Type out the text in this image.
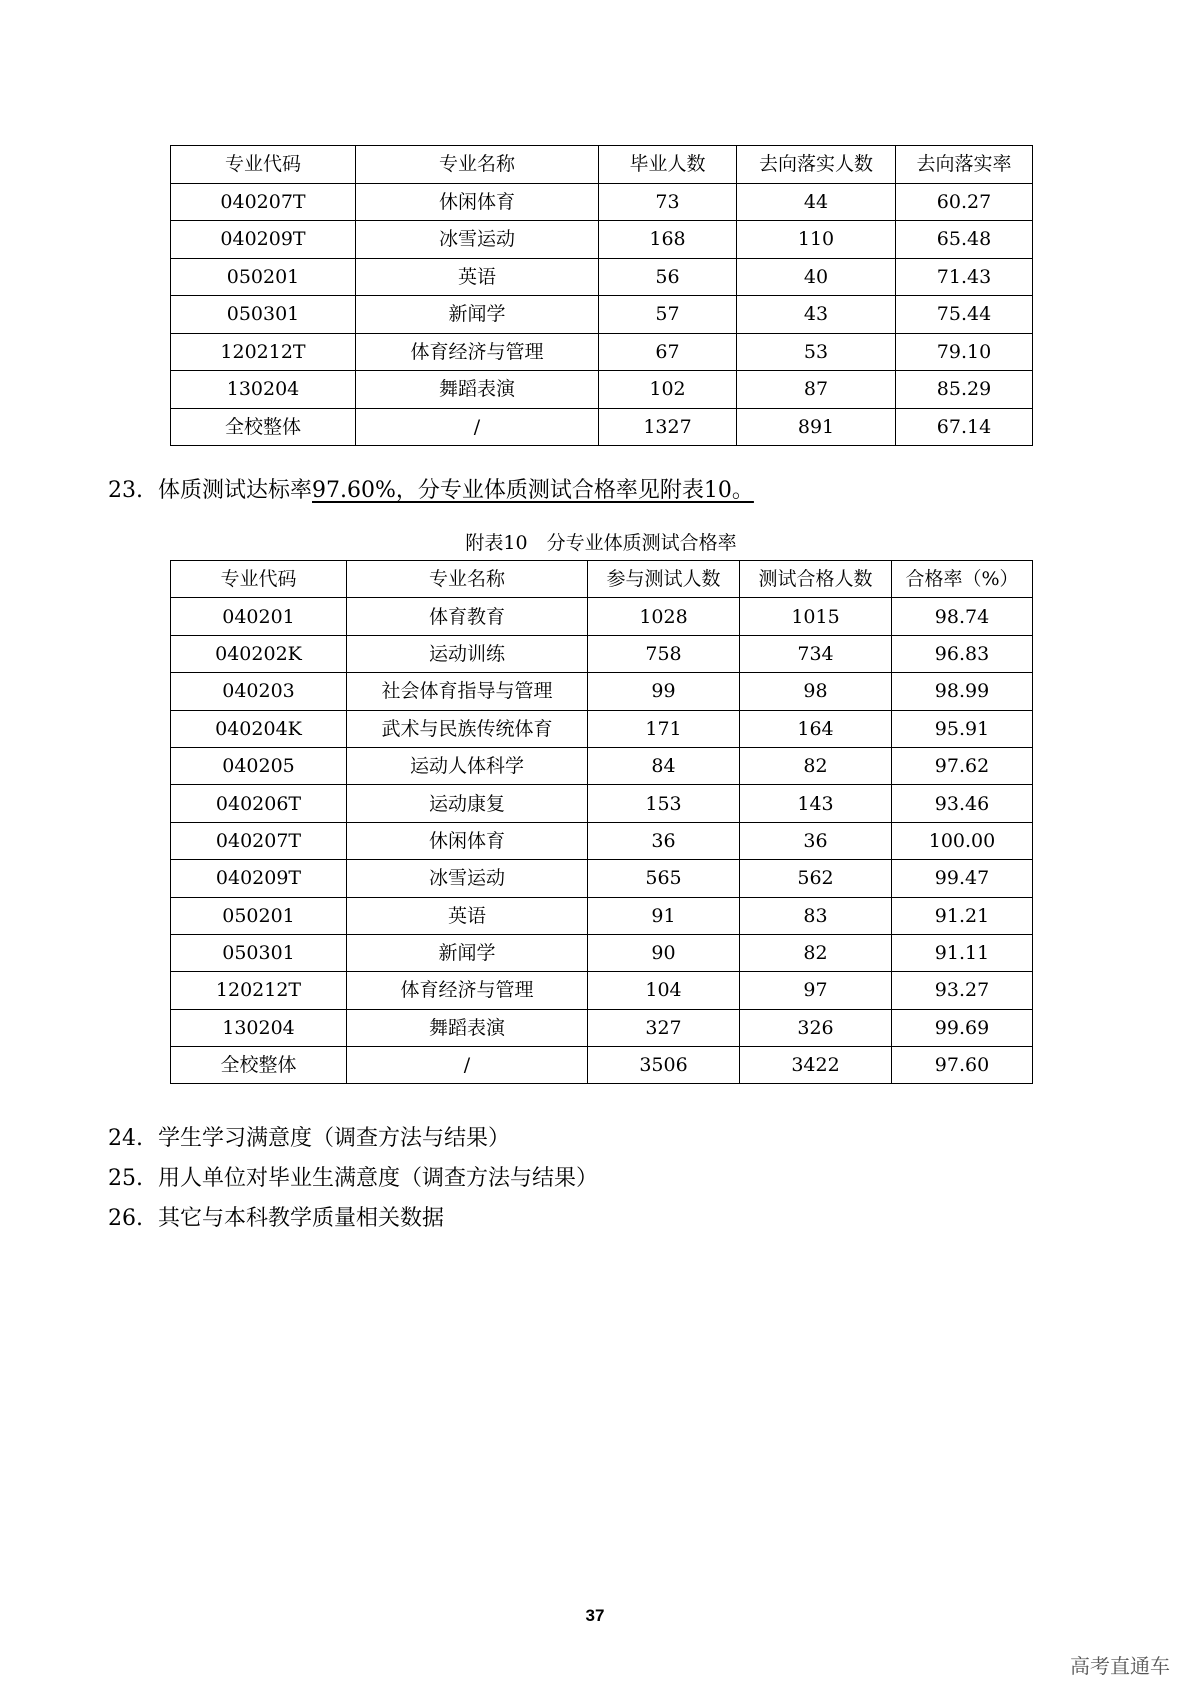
专业代码	专业名称	毕业人数	去向落实人数	去向落实率
040207T	休闲体育	73	44	60.27
040209T	冰雪运动	168	110	65.48
050201	英语	56	40	71.43
050301	新闻学	57	43	75.44
120212T	体育经济与管理	67	53	79.10
130204	舞蹈表演	102	87	85.29
全校整体	/	1327	891	67.14
23. 体质测试达标率97.60%，分专业体质测试合格率见附表10。
附表10　分专业体质测试合格率
专业代码	专业名称	参与测试人数	测试合格人数	合格率（%）
040201	体育教育	1028	1015	98.74
040202K	运动训练	758	734	96.83
040203	社会体育指导与管理	99	98	98.99
040204K	武术与民族传统体育	171	164	95.91
040205	运动人体科学	84	82	97.62
040206T	运动康复	153	143	93.46
040207T	休闲体育	36	36	100.00
040209T	冰雪运动	565	562	99.47
050201	英语	91	83	91.21
050301	新闻学	90	82	91.11
120212T	体育经济与管理	104	97	93.27
130204	舞蹈表演	327	326	99.69
全校整体	/	3506	3422	97.60
24. 学生学习满意度（调查方法与结果）
25. 用人单位对毕业生满意度（调查方法与结果）
26. 其它与本科教学质量相关数据
37
高考直通车
